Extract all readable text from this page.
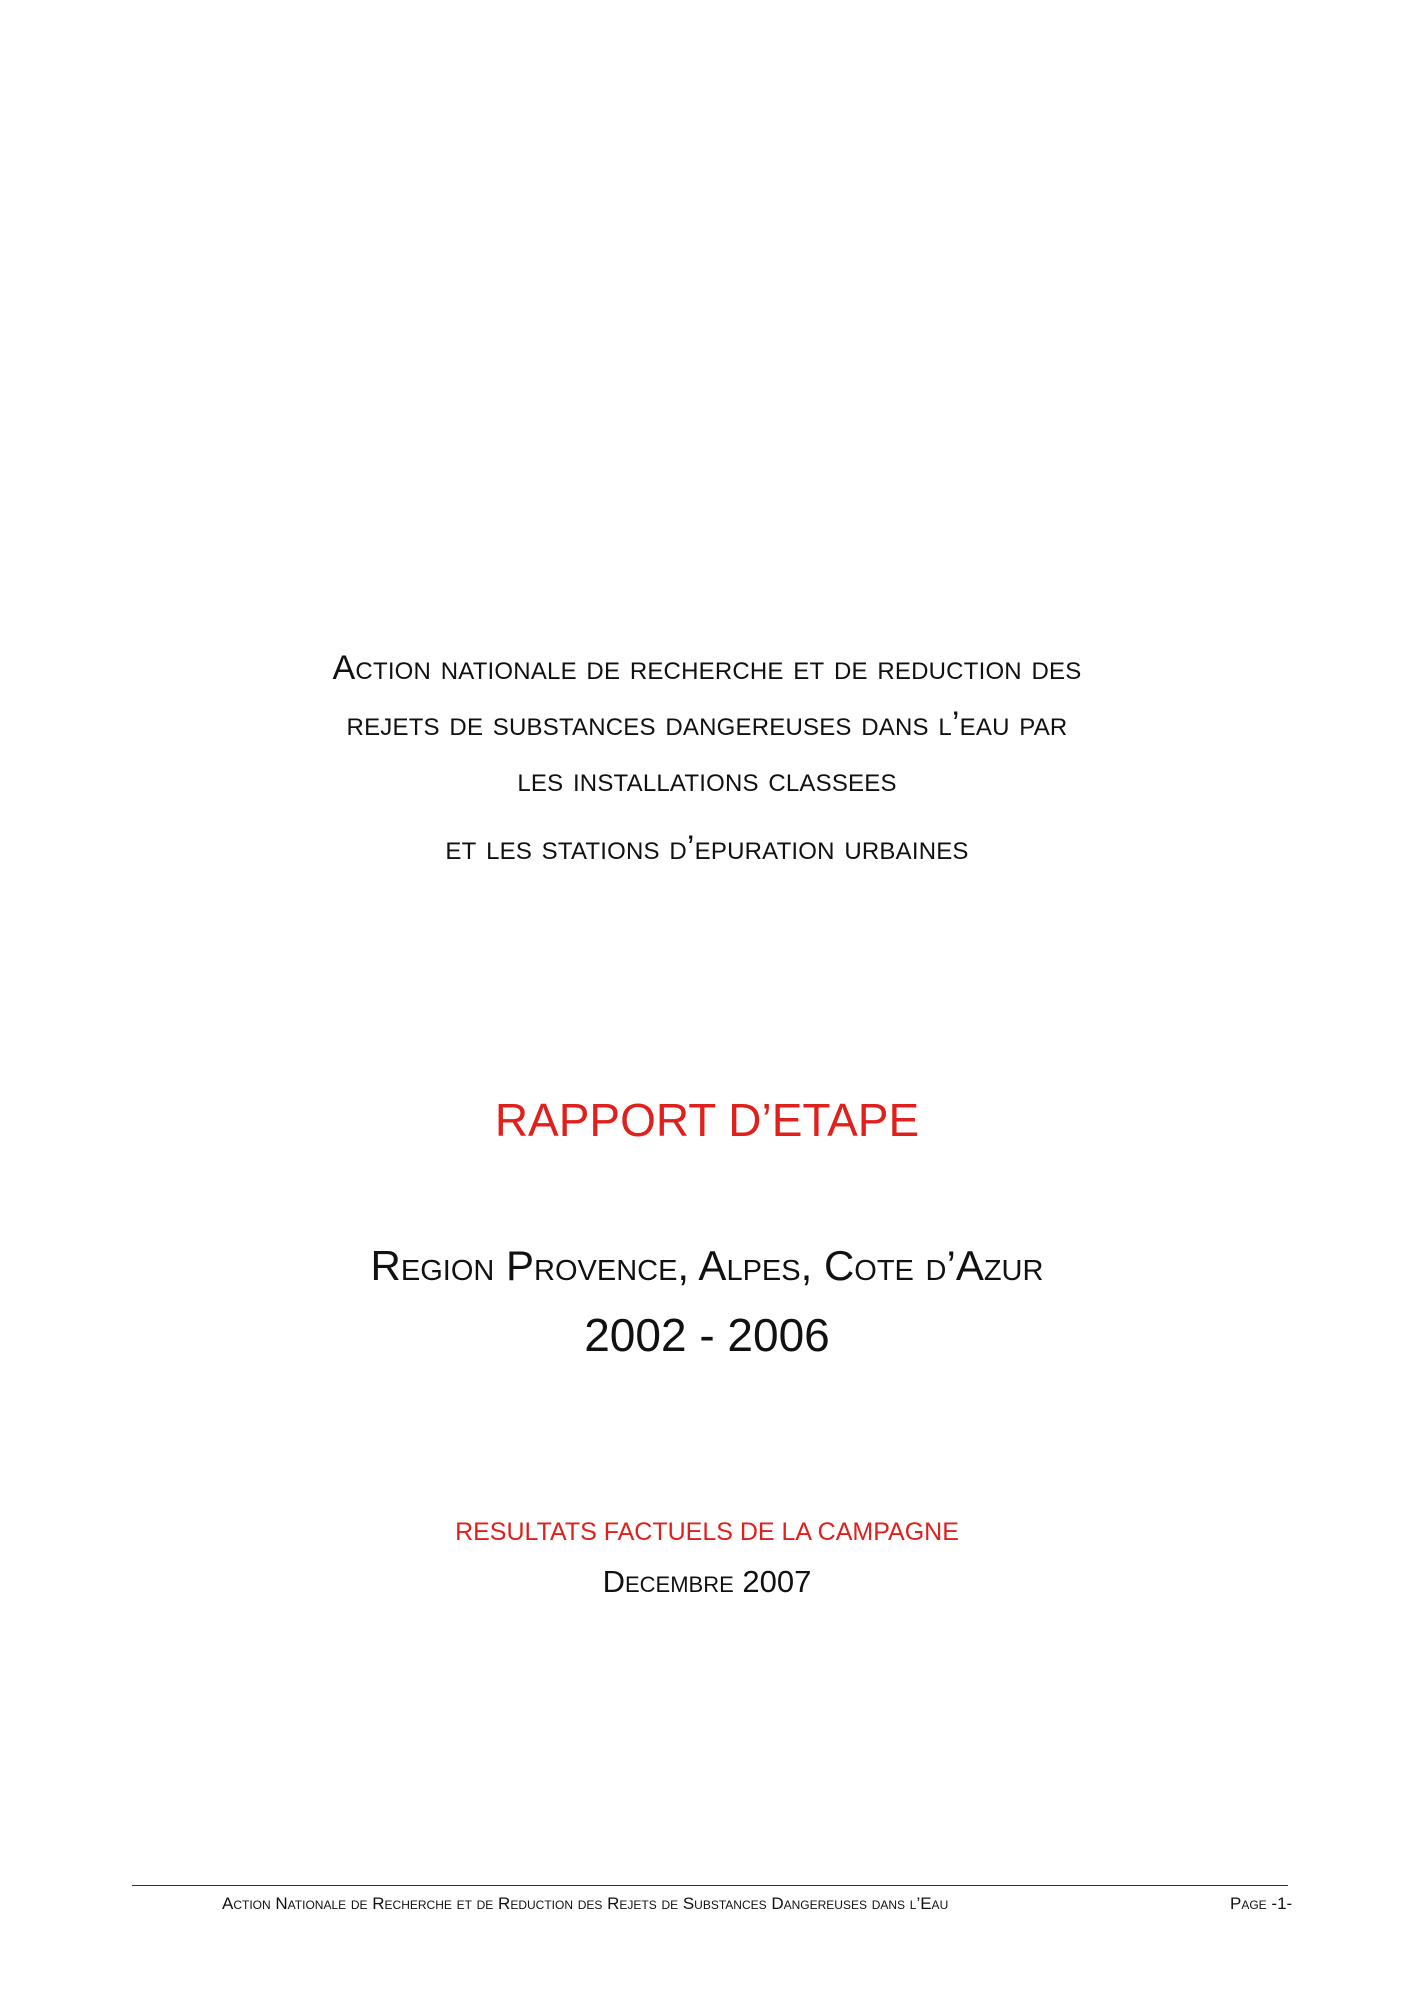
Action nationale de recherche et de reduction des
rejets de substances dangereuses dans l’eau par
les installations classees
et les stations d’epuration urbaines
RAPPORT D’ETAPE
Region Provence, Alpes, Cote d’Azur
2002 - 2006
RESULTATS FACTUELS DE LA CAMPAGNE
Decembre 2007
Action Nationale de Recherche et de Reduction des Rejets de Substances Dangereuses dans l’Eau	Page -1-
